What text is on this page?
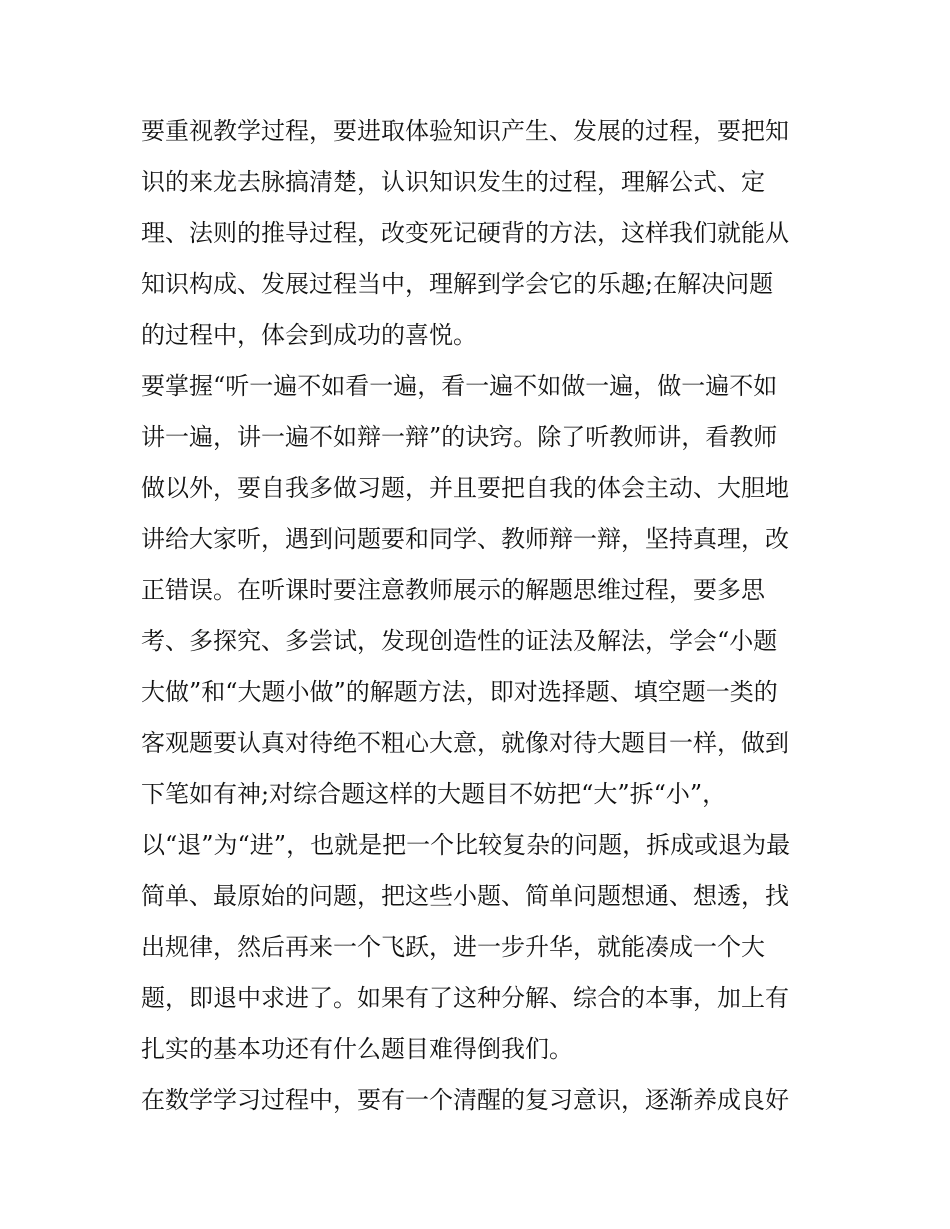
要重视教学过程，要进取体验知识产生、发展的过程，要把知
识的来龙去脉搞清楚，认识知识发生的过程，理解公式、定
理、法则的推导过程，改变死记硬背的方法，这样我们就能从
知识构成、发展过程当中，理解到学会它的乐趣;在解决问题
的过程中，体会到成功的喜悦。
要掌握“听一遍不如看一遍，看一遍不如做一遍，做一遍不如
讲一遍，讲一遍不如辩一辩”的诀窍。除了听教师讲，看教师
做以外，要自我多做习题，并且要把自我的体会主动、大胆地
讲给大家听，遇到问题要和同学、教师辩一辩，坚持真理，改
正错误。在听课时要注意教师展示的解题思维过程，要多思
考、多探究、多尝试，发现创造性的证法及解法，学会“小题
大做”和“大题小做”的解题方法，即对选择题、填空题一类的
客观题要认真对待绝不粗心大意，就像对待大题目一样，做到
下笔如有神;对综合题这样的大题目不妨把“大”拆“小”，
以“退”为“进”，也就是把一个比较复杂的问题，拆成或退为最
简单、最原始的问题，把这些小题、简单问题想通、想透，找
出规律，然后再来一个飞跃，进一步升华，就能凑成一个大
题，即退中求进了。如果有了这种分解、综合的本事，加上有
扎实的基本功还有什么题目难得倒我们。
在数学学习过程中，要有一个清醒的复习意识，逐渐养成良好
